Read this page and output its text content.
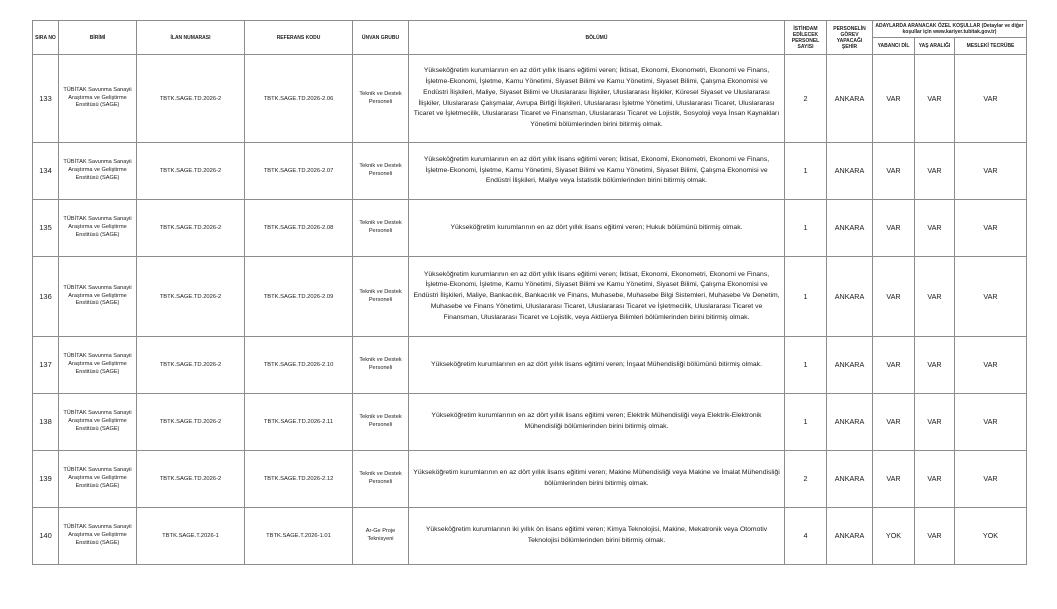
SIRA NO	BİRİMİ	İLAN NUMARASI	REFERANS KODU	ÜNVAN GRUBU	BÖLÜMÜ	İSTİHDAM EDİLECEK PERSONEL SAYISI	PERSONELİN GÖREV YAPACAĞI ŞEHİR	ADAYLARDA ARANACAK ÖZEL KOŞULLAR (Detaylar ve diğer koşullar için www.kariyer.tubitak.gov.tr)		
								YABANCI DİL	YAŞ ARALIĞI	MESLEKİ TECRÜBE
133	TÜBİTAK Savunma Sanayii Araştırma ve Geliştirme Enstitüsü (SAGE)	TBTK.SAGE.TD.2026-2	TBTK.SAGE.TD.2026-2.06	Teknik ve Destek Personeli	Yükseköğretim kurumlarının en az dört yıllık lisans eğitimi veren; İktisat, Ekonomi, Ekonometri, Ekonomi ve Finans, İşletme-Ekonomi, İşletme, Kamu Yönetimi, Siyaset Bilimi ve Kamu Yönetimi, Siyaset Bilimi, Çalışma Ekonomisi ve Endüstri İlişkileri, Maliye, Siyaset Bilimi ve Uluslararası İlişkiler, Uluslararası İlişkiler, Küresel Siyaset ve Uluslararası İlişkiler, Uluslararası Çalışmalar, Avrupa Birliği İlişkileri, Uluslararası İşletme Yönetimi, Uluslararası Ticaret, Uluslararası Ticaret ve İşletmecilik, Uluslararası Ticaret ve Finansman, Uluslararası Ticaret ve Lojistik, Sosyoloji veya İnsan Kaynakları Yönetimi bölümlerinden birini bitirmiş olmak.	2	ANKARA	VAR	VAR	VAR
134	TÜBİTAK Savunma Sanayii Araştırma ve Geliştirme Enstitüsü (SAGE)	TBTK.SAGE.TD.2026-2	TBTK.SAGE.TD.2026-2.07	Teknik ve Destek Personeli	Yükseköğretim kurumlarının en az dört yıllık lisans eğitimi veren; İktisat, Ekonomi, Ekonometri, Ekonomi ve Finans, İşletme-Ekonomi, İşletme, Kamu Yönetimi, Siyaset Bilimi ve Kamu Yönetimi, Siyaset Bilimi, Çalışma Ekonomisi ve Endüstri İlişkileri, Maliye veya İstatistik bölümlerinden birini bitirmiş olmak.	1	ANKARA	VAR	VAR	VAR
135	TÜBİTAK Savunma Sanayii Araştırma ve Geliştirme Enstitüsü (SAGE)	TBTK.SAGE.TD.2026-2	TBTK.SAGE.TD.2026-2.08	Teknik ve Destek Personeli	Yükseköğretim kurumlarının en az dört yıllık lisans eğitimi veren; Hukuk bölümünü bitirmiş olmak.	1	ANKARA	VAR	VAR	VAR
136	TÜBİTAK Savunma Sanayii Araştırma ve Geliştirme Enstitüsü (SAGE)	TBTK.SAGE.TD.2026-2	TBTK.SAGE.TD.2026-2.09	Teknik ve Destek Personeli	Yükseköğretim kurumlarının en az dört yıllık lisans eğitimi veren; İktisat, Ekonomi, Ekonometri, Ekonomi ve Finans, İşletme-Ekonomi, İşletme, Kamu Yönetimi, Siyaset Bilimi ve Kamu Yönetimi, Siyaset Bilimi, Çalışma Ekonomisi ve Endüstri İlişkileri, Maliye, Bankacılık, Bankacılık ve Finans, Muhasebe, Muhasebe Bilgi Sistemleri, Muhasebe Ve Denetim, Muhasebe ve Finans Yönetimi, Uluslararası Ticaret, Uluslararası Ticaret ve İşletmecilik, Uluslararası Ticaret ve Finansman, Uluslararası Ticaret ve Lojistik, veya Aktüerya Bilimleri bölümlerinden birini bitirmiş olmak.	1	ANKARA	VAR	VAR	VAR
137	TÜBİTAK Savunma Sanayii Araştırma ve Geliştirme Enstitüsü (SAGE)	TBTK.SAGE.TD.2026-2	TBTK.SAGE.TD.2026-2.10	Teknik ve Destek Personeli	Yükseköğretim kurumlarının en az dört yıllık lisans eğitimi veren; İnşaat Mühendisliği bölümünü bitirmiş olmak.	1	ANKARA	VAR	VAR	VAR
138	TÜBİTAK Savunma Sanayii Araştırma ve Geliştirme Enstitüsü (SAGE)	TBTK.SAGE.TD.2026-2	TBTK.SAGE.TD.2026-2.11	Teknik ve Destek Personeli	Yükseköğretim kurumlarının en az dört yıllık lisans eğitimi veren; Elektrik Mühendisliği veya Elektrik-Elektronik Mühendisliği bölümlerinden birini bitirmiş olmak.	1	ANKARA	VAR	VAR	VAR
139	TÜBİTAK Savunma Sanayii Araştırma ve Geliştirme Enstitüsü (SAGE)	TBTK.SAGE.TD.2026-2	TBTK.SAGE.TD.2026-2.12	Teknik ve Destek Personeli	Yükseköğretim kurumlarının en az dört yıllık lisans eğitimi veren; Makine Mühendisliği veya Makine ve İmalat Mühendisliği bölümlerinden birini bitirmiş olmak.	2	ANKARA	VAR	VAR	VAR
140	TÜBİTAK Savunma Sanayii Araştırma ve Geliştirme Enstitüsü (SAGE)	TBTK.SAGE.T.2026-1	TBTK.SAGE.T.2026-1.01	Ar-Ge Proje Teknisyeni	Yükseköğretim kurumlarının iki yıllık ön lisans eğitimi veren; Kimya Teknolojisi, Makine, Mekatronik veya Otomotiv Teknolojisi bölümlerinden birini bitirmiş olmak.	4	ANKARA	YOK	VAR	YOK
